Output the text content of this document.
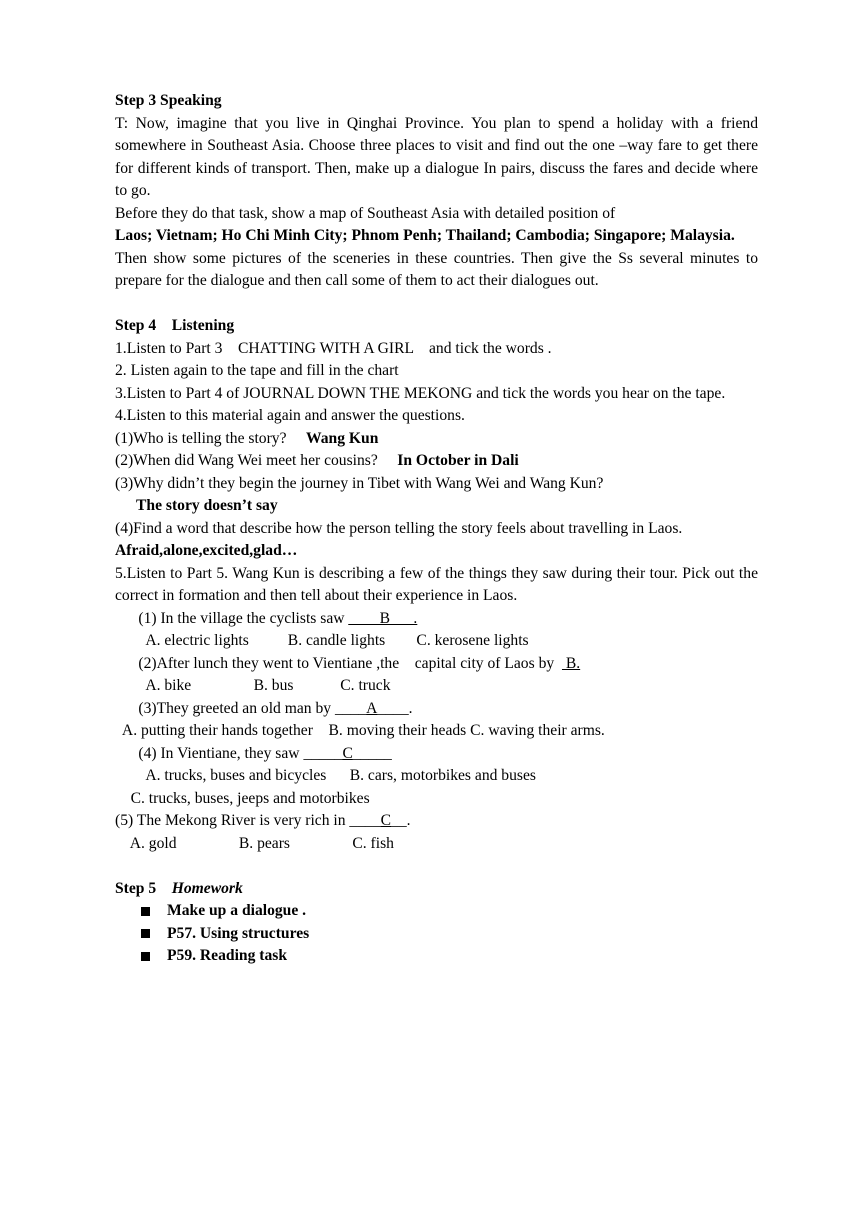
Step 3 Speaking
T: Now, imagine that you live in Qinghai Province. You plan to spend a holiday with a friend somewhere in Southeast Asia. Choose three places to visit and find out the one –way fare to get there for different kinds of transport. Then, make up a dialogue In pairs, discuss the fares and decide where to go.
Before they do that task, show a map of Southeast Asia with detailed position of
Laos; Vietnam; Ho Chi Minh City; Phnom Penh; Thailand; Cambodia; Singapore; Malaysia.
Then show some pictures of the sceneries in these countries. Then give the Ss several minutes to prepare for the dialogue and then call some of them to act their dialogues out.
Step 4    Listening
1.Listen to Part 3    CHATTING WITH A GIRL    and tick the words .
2. Listen again to the tape and fill in the chart
3.Listen to Part 4 of JOURNAL DOWN THE MEKONG and tick the words you hear on the tape.
4.Listen to this material again and answer the questions.
(1)Who is telling the story?     Wang Kun
(2)When did Wang Wei meet her cousins?     In October in Dali
(3)Why didn’t they begin the journey in Tibet with Wang Wei and Wang Kun?
The story doesn’t say
(4)Find a word that describe how the person telling the story feels about travelling in Laos.
Afraid,alone,excited,glad…
5.Listen to Part 5. Wang Kun is describing a few of the things they saw during their tour. Pick out the correct in formation and then tell about their experience in Laos.
(1) In the village the cyclists saw ____B___.
A. electric lights          B. candle lights        C. kerosene lights
(2)After lunch they went to Vientiane ,the    capital city of Laos by   B.
A. bike                B. bus            C. truck
(3)They greeted an old man by ____A____.
A. putting their hands together    B. moving their heads C. waving their arms.
(4) In Vientiane, they saw _____C_____
A. trucks, buses and bicycles      B. cars, motorbikes and buses
C. trucks, buses, jeeps and motorbikes
(5) The Mekong River is very rich in ____C__.
A. gold                B. pears                C. fish
Step 5    Homework
Make up a dialogue .
P57. Using structures
P59. Reading task
